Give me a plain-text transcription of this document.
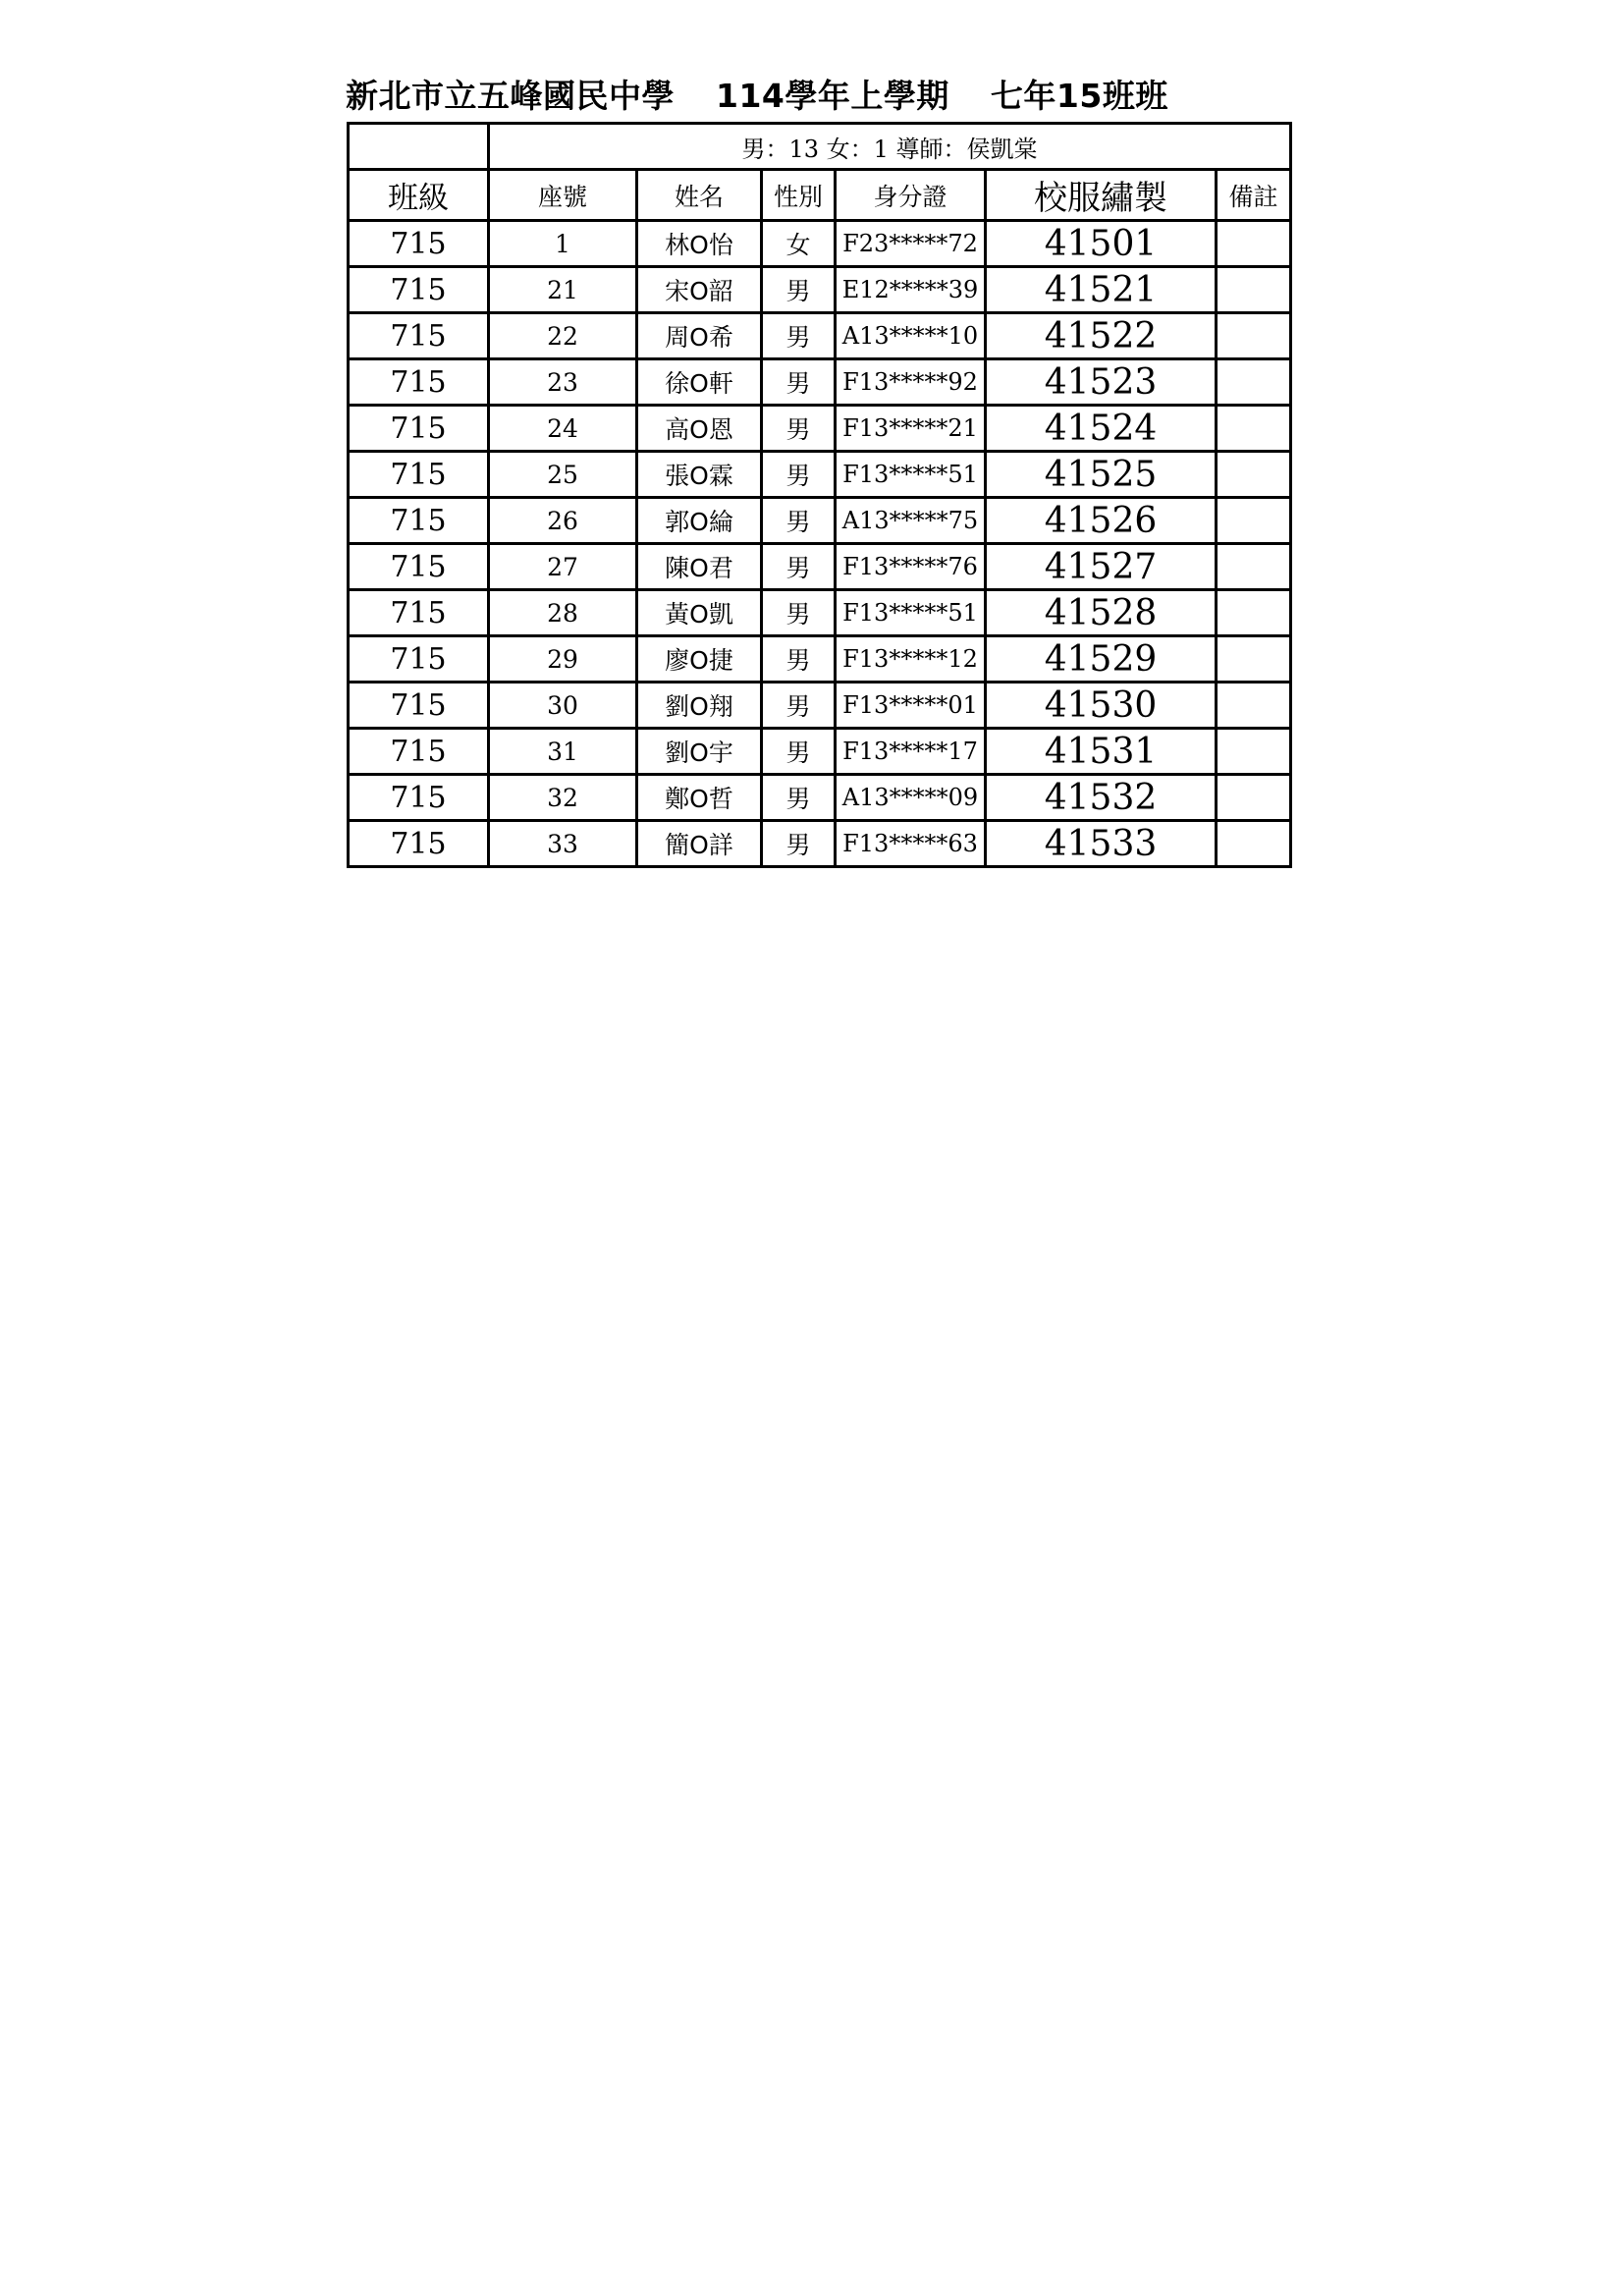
新北市立五峰國民中學 114學年上學期 七年15班班
	男：13 女：1 導師：侯凱棠					
班級	座號	姓名	性別	身分證	校服繡製	備註
715	1	林O怡	女	F23*****72	41501	
715	21	宋O韶	男	E12*****39	41521	
715	22	周O希	男	A13*****10	41522	
715	23	徐O軒	男	F13*****92	41523	
715	24	高O恩	男	F13*****21	41524	
715	25	張O霖	男	F13*****51	41525	
715	26	郭O綸	男	A13*****75	41526	
715	27	陳O君	男	F13*****76	41527	
715	28	黃O凱	男	F13*****51	41528	
715	29	廖O捷	男	F13*****12	41529	
715	30	劉O翔	男	F13*****01	41530	
715	31	劉O宇	男	F13*****17	41531	
715	32	鄭O哲	男	A13*****09	41532	
715	33	簡O詳	男	F13*****63	41533	
